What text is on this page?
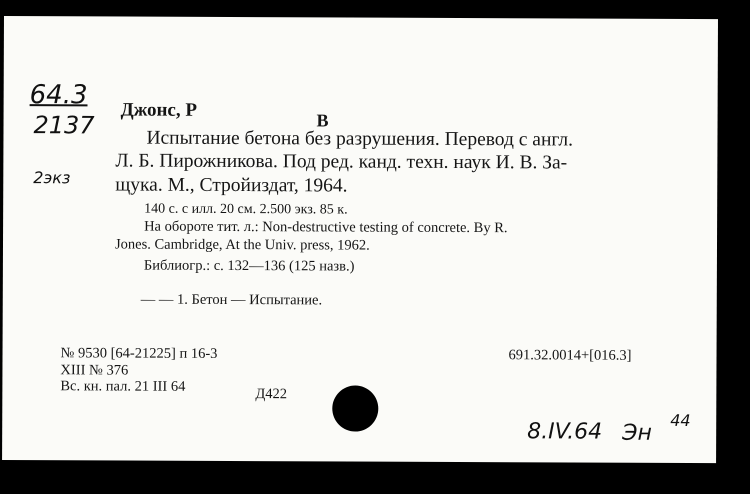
64.3
2137
2экз
Джонс, Р	В
Испытание бетона без разрушения. Перевод с англ.
Л. Б. Пирожникова. Под ред. канд. техн. наук И. В. За-
щука. М., Стройиздат, 1964.
140 с. с илл. 20 см. 2.500 экз. 85 к.
На обороте тит. л.: Non-destructive testing of concrete. By R.
Jones. Cambridge, At the Univ. press, 1962.
Библиогр.: с. 132—136 (125 назв.)
— — 1. Бетон — Испытание.
№ 9530 [64-21225] п 16-3	691.32.0014+[016.3]
XIII № 376
Вс. кн. пал. 21 III 64	Д422
8.IV.64 Эн
44
